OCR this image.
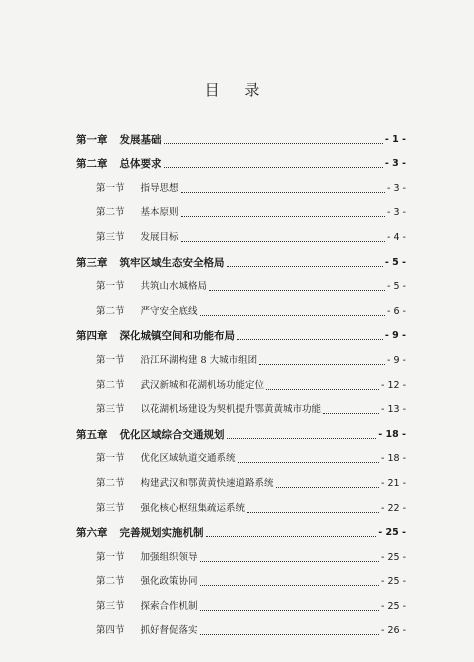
目 录
第一章 发展基础	- 1 -
第二章 总体要求	- 3 -
第一节 指导思想	- 3 -
第二节 基本原则	- 3 -
第三节 发展目标	- 4 -
第三章 筑牢区域生态安全格局	- 5 -
第一节 共筑山水城格局	- 5 -
第二节 严守安全底线	- 6 -
第四章 深化城镇空间和功能布局	- 9 -
第一节 沿江环湖构建 8 大城市组团	- 9 -
第二节 武汉新城和花湖机场功能定位	- 12 -
第三节 以花湖机场建设为契机提升鄂黄黄城市功能	- 13 -
第五章 优化区域综合交通规划	- 18 -
第一节 优化区域轨道交通系统	- 18 -
第二节 构建武汉和鄂黄黄快速道路系统	- 21 -
第三节 强化核心枢纽集疏运系统	- 22 -
第六章 完善规划实施机制	- 25 -
第一节 加强组织领导	- 25 -
第二节 强化政策协同	- 25 -
第三节 探索合作机制	- 25 -
第四节 抓好督促落实	- 26 -
